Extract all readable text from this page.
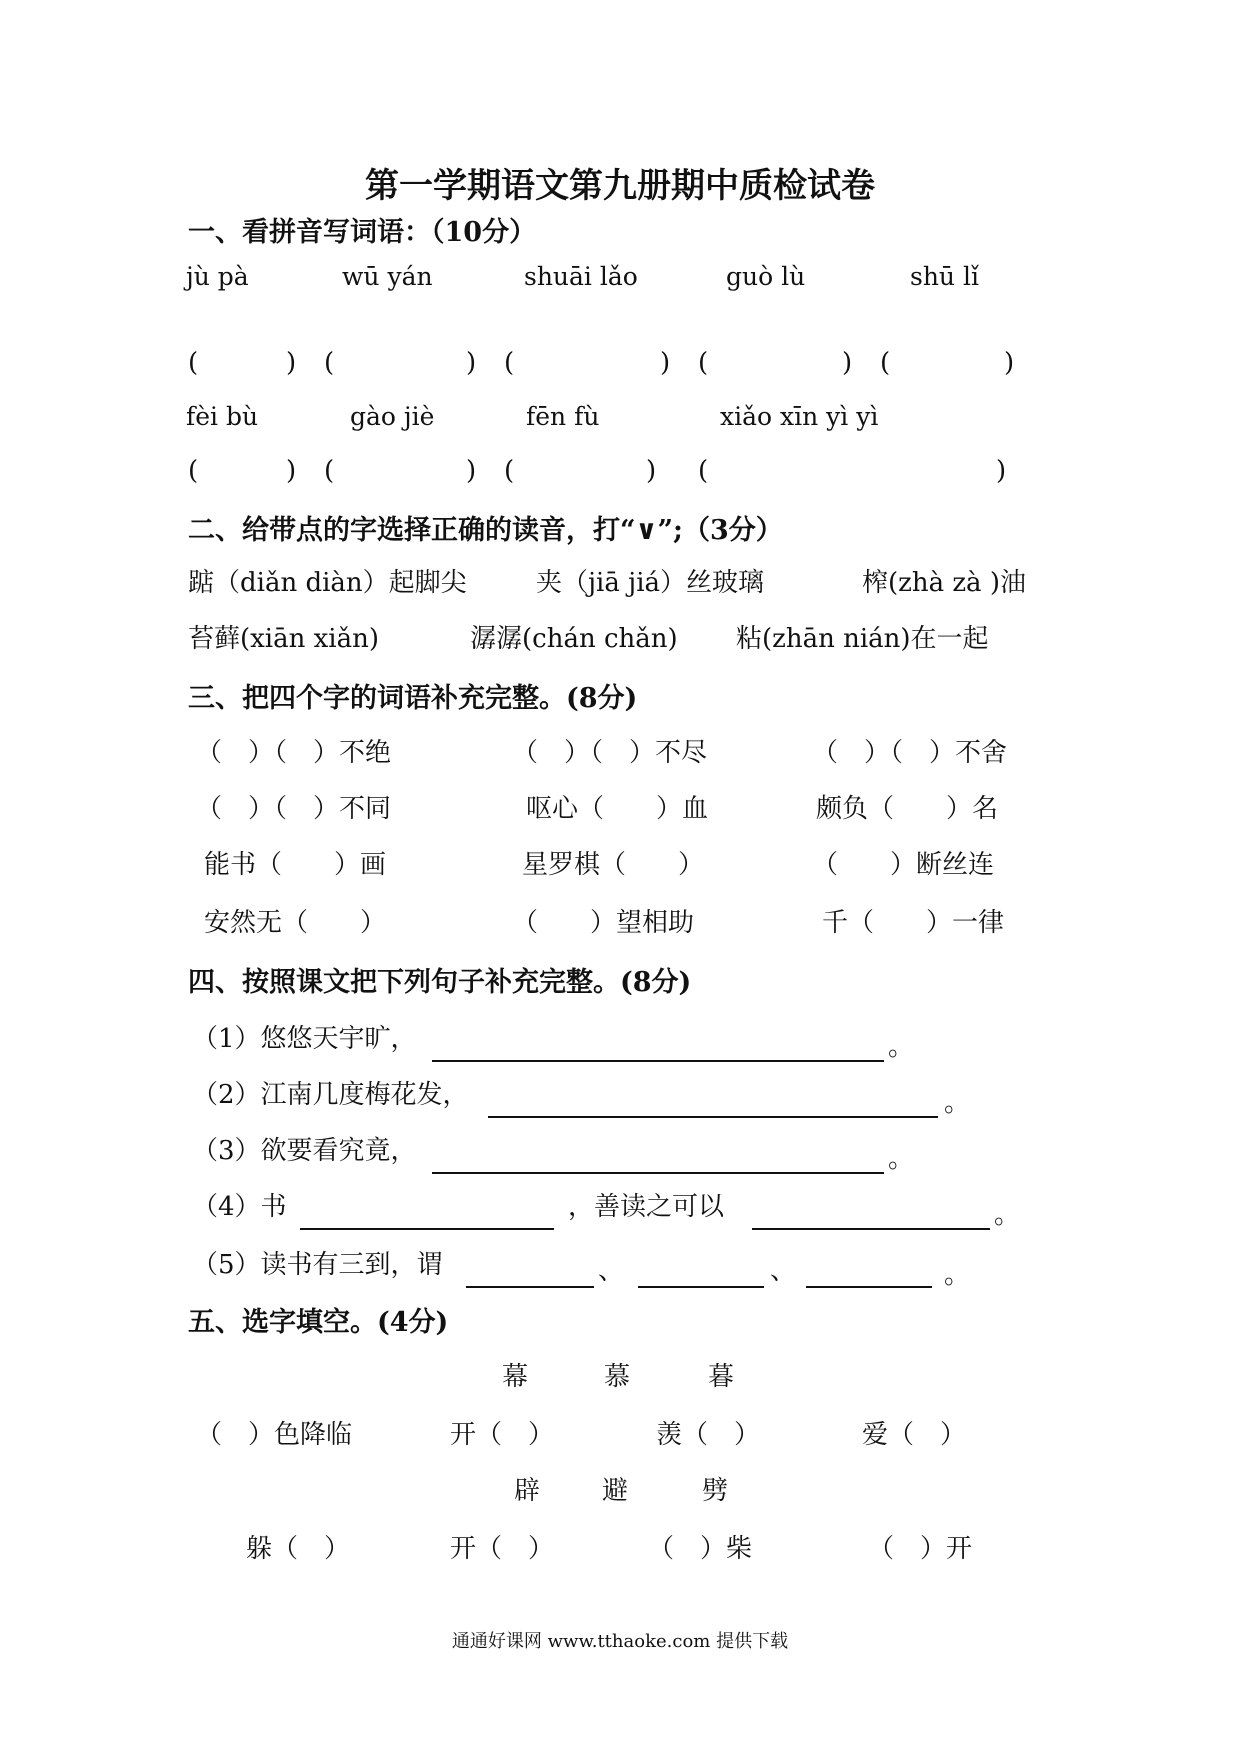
第一学期语文第九册期中质检试卷
一、看拼音写词语：（10分）
jù pà	wū yán	shuāi lǎo	guò lù	shū lǐ
(	) (	) (	) (	) (	)
fèi bù	gào jiè	fēn fù	xiǎo xīn yì yì
(	) (	) (	) (	)
二、给带点的字选择正确的读音，打“∨”;（3分）
踮（diǎn diàn）起脚尖	夹（jiā jiá）丝玻璃	榨(zhà zà )油
苔藓(xiān xiǎn)	潺潺(chán chǎn) 粘(zhān nián)在一起
三、把四个字的词语补充完整。(8分)
（　）（　）不绝	（　）（　）不尽	（　）（　）不舍
（　）（　）不同	呕心（　　）血	颇负（　　）名
能书（　　）画	星罗棋（　　）	（　　）断丝连
安然无（　　）	（　　）望相助	千（　　）一律
四、按照课文把下列句子补充完整。(8分)
（1）悠悠天宇旷，	。
（2）江南几度梅花发，	。
（3）欲要看究竟，	。
（4）书	，善读之可以	。
（5）读书有三到，谓	、	、	。
五、选字填空。(4分)
幕	慕	暮
（　）色降临	开（　）	羡（　）	爱（　）
辟 避	劈
躲（　）	开（　）	（　）柴	（　）开
通通好课网 www.tthaoke.com 提供下载
